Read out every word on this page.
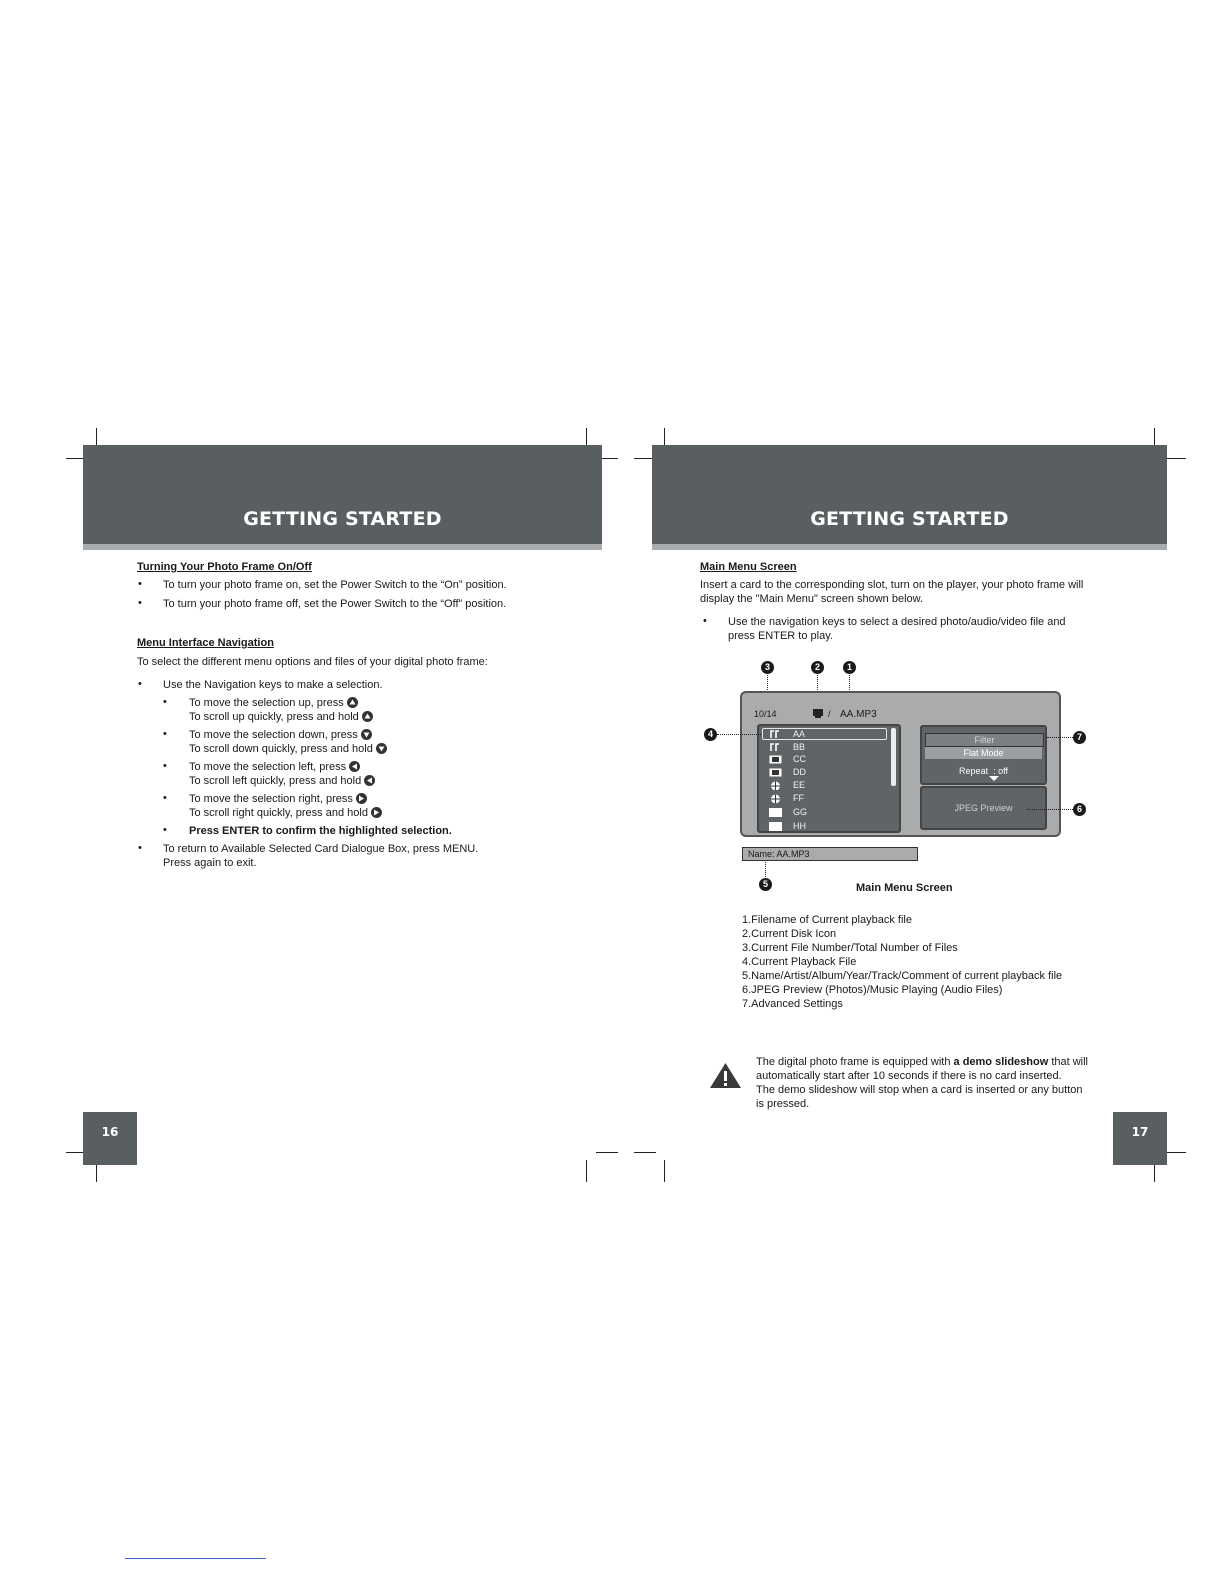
GETTING STARTED
Turning Your Photo Frame On/Off
• To turn your photo frame on, set the Power Switch to the “On” position.
• To turn your photo frame off, set the Power Switch to the “Off” position.
Menu Interface Navigation
To select the different menu options and files of your digital photo frame:
• Use the Navigation keys to make a selection.
• To move the selection up, press

To scroll up quickly, press and hold
• To move the selection down, press

To scroll down quickly, press and hold
• To move the selection left, press

To scroll left quickly, press and hold
• To move the selection right, press

To scroll right quickly, press and hold
• Press ENTER to confirm the highlighted selection.
• To return to Available Selected Card Dialogue Box, press MENU.
Press again to exit.
16
GETTING STARTED
Main Menu Screen
Insert a card to the corresponding slot, turn on the player, your photo frame will
display the "Main Menu" screen shown below.
• Use the navigation keys to select a desired photo/audio/video file and
press ENTER to play.
3	2	1
10/14	/ AA.MP3
AA
BB
CC
DD
EE
FF
GG
HH
Filter
Flat Mode
Repeat : off
JPEG Preview
Name: AA.MP3
4	7
6
5	Main Menu Screen
1.Filename of Current playback file
2.Current Disk Icon
3.Current File Number/Total Number of Files
4.Current Playback File
5.Name/Artist/Album/Year/Track/Comment of current playback file
6.JPEG Preview (Photos)/Music Playing (Audio Files)
7.Advanced Settings
The digital photo frame is equipped with a demo slideshow that will
automatically start after 10 seconds if there is no card inserted.
The demo slideshow will stop when a card is inserted or any button
is pressed.
17
